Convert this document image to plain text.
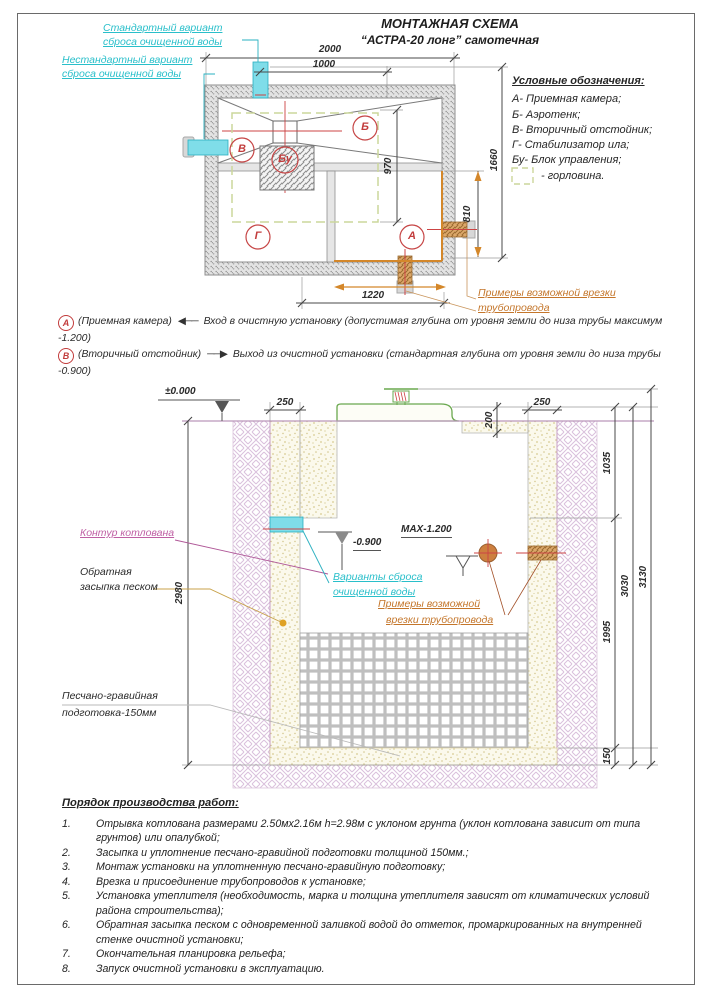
МОНТАЖНАЯ СХЕМА
“АСТРА-20 лонг” самотечная
Стандартный вариант
сброса очищенной воды
Нестандартный вариант
сброса очищенной воды
Условные обозначения:
А- Приемная камера;
Б- Аэротенк;
В- Вторичный отстойник;
Г- Стабилизатор ила;
Бу- Блок управления;
- горловина.
В
Б
Бу
Г	А
2000
1000
970	1660
810
1220	Примеры возможной врезки
трубопровода
А (Приемная камера) ◀── Вход в очистную установку (допустимая глубина от уровня земли до низа трубы максимум -1.200)
В (Вторичный отстойник) ──▶ Выход из очистной установки (стандартная глубина от уровня земли до низа трубы -0.900)
±0.000
-0.900
MAX-1.200
250	250
200
2980
1035
1995
150
3030 3130
Контур котлована
Обратная
засыпка песком
Варианты сброса
очищенной воды
Примеры возможной
врезки трубопровода
Песчано-гравийная
подготовка-150мм
Порядок производства работ:
1.	Отрывка котлована размерами 2.50мх2.16м h=2.98м с уклоном грунта (уклон котлована зависит от типа грунтов) или опалубкой;
2.	Засыпка и уплотнение песчано-гравийной подготовки толщиной 150мм.;
3.	Монтаж установки на уплотненную песчано-гравийную подготовку;
4.	Врезка и присоединение трубопроводов к установке;
5.	Установка утеплителя (необходимость, марка и толщина утеплителя зависят от климатических условий района строительства);
6.	Обратная засыпка песком с одновременной заливкой водой до отметок, промаркированных на внутренней стенке очистной установки;
7.	Окончательная планировка рельефа;
8.	Запуск очистной установки в эксплуатацию.
